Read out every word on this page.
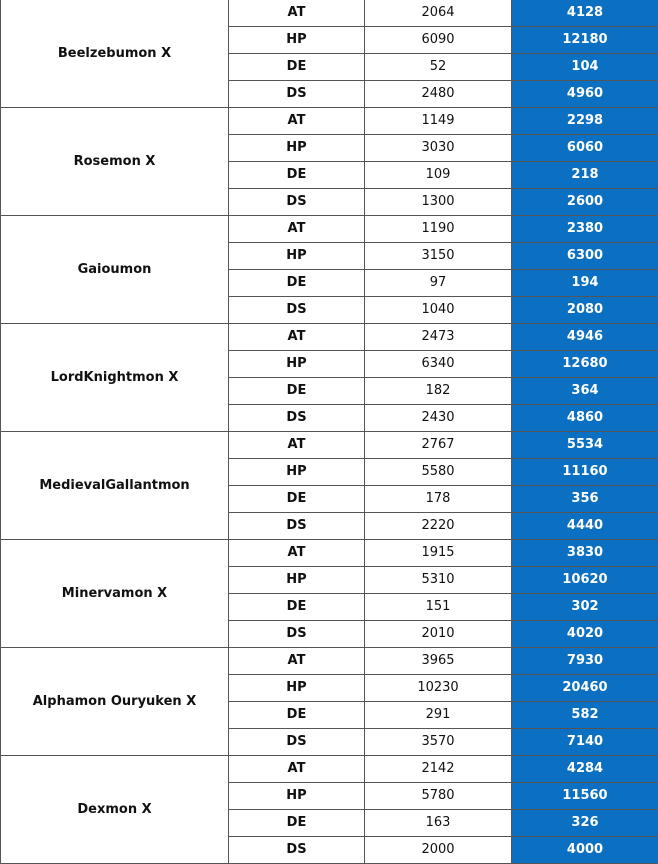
Beelzebumon X	AT	2064	4128
	HP	6090	12180
	DE	52	104
	DS	2480	4960
Rosemon X	AT	1149	2298
	HP	3030	6060
	DE	109	218
	DS	1300	2600
Gaioumon	AT	1190	2380
	HP	3150	6300
	DE	97	194
	DS	1040	2080
LordKnightmon X	AT	2473	4946
	HP	6340	12680
	DE	182	364
	DS	2430	4860
MedievalGallantmon	AT	2767	5534
	HP	5580	11160
	DE	178	356
	DS	2220	4440
Minervamon X	AT	1915	3830
	HP	5310	10620
	DE	151	302
	DS	2010	4020
Alphamon Ouryuken X	AT	3965	7930
	HP	10230	20460
	DE	291	582
	DS	3570	7140
Dexmon X	AT	2142	4284
	HP	5780	11560
	DE	163	326
	DS	2000	4000
